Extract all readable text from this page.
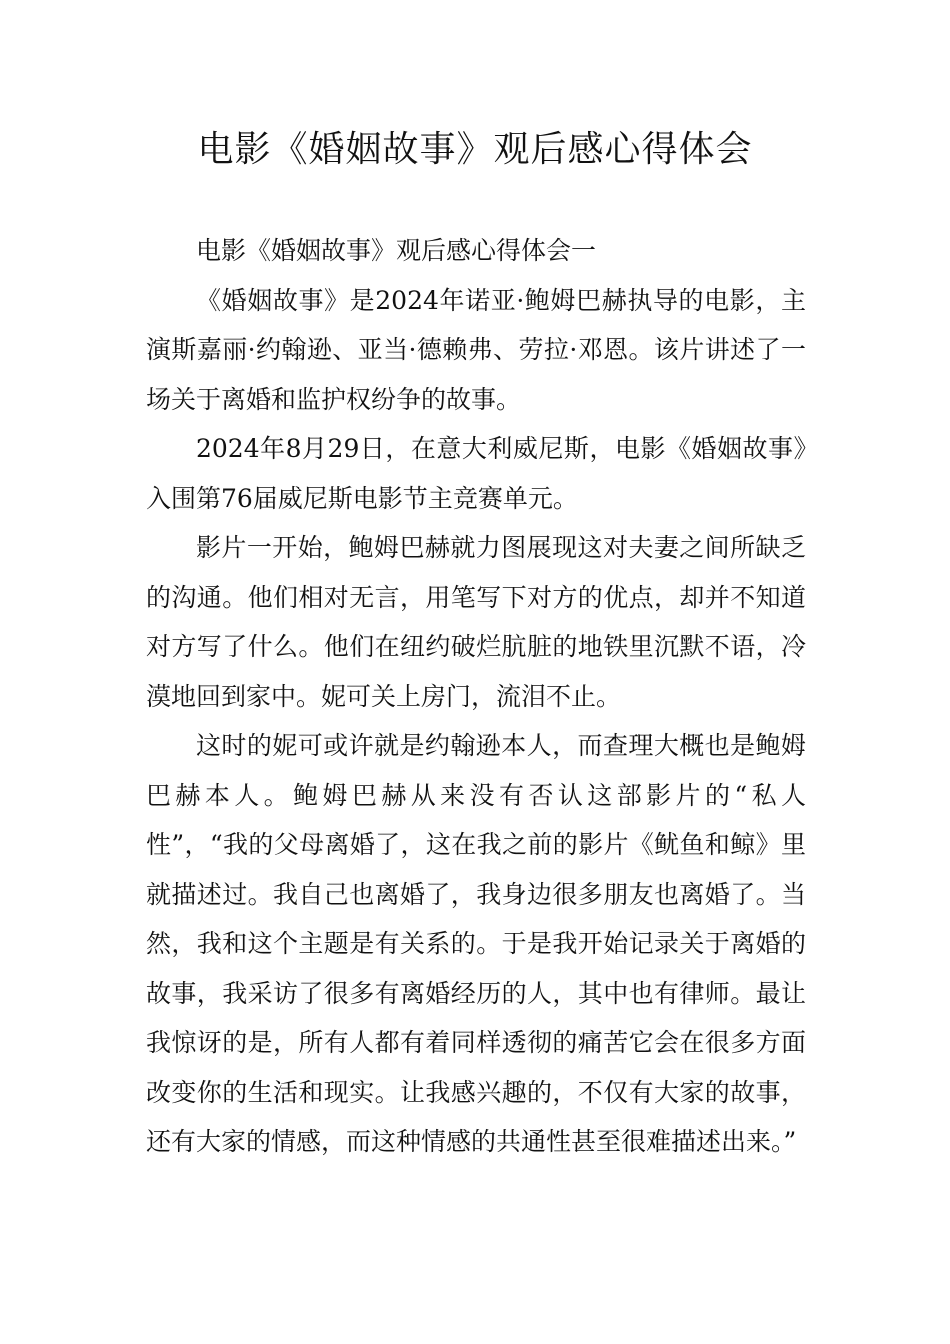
电影《婚姻故事》观后感心得体会

电影《婚姻故事》观后感心得体会一

《婚姻故事》是2024年诺亚·鲍姆巴赫执导的电影，主演斯嘉丽·约翰逊、亚当·德赖弗、劳拉·邓恩。该片讲述了一场关于离婚和监护权纷争的故事。

2024年8月29日，在意大利威尼斯，电影《婚姻故事》入围第76届威尼斯电影节主竞赛单元。

影片一开始，鲍姆巴赫就力图展现这对夫妻之间所缺乏的沟通。他们相对无言，用笔写下对方的优点，却并不知道对方写了什么。他们在纽约破烂肮脏的地铁里沉默不语，冷漠地回到家中。妮可关上房门，流泪不止。

这时的妮可或许就是约翰逊本人，而查理大概也是鲍姆巴赫本人。鲍姆巴赫从来没有否认这部影片的“私人性”，“我的父母离婚了，这在我之前的影片《鱿鱼和鲸》里就描述过。我自己也离婚了，我身边很多朋友也离婚了。当然，我和这个主题是有关系的。于是我开始记录关于离婚的故事，我采访了很多有离婚经历的人，其中也有律师。最让我惊讶的是，所有人都有着同样透彻的痛苦它会在很多方面改变你的生活和现实。让我感兴趣的，不仅有大家的故事，还有大家的情感，而这种情感的共通性甚至很难描述出来。”
